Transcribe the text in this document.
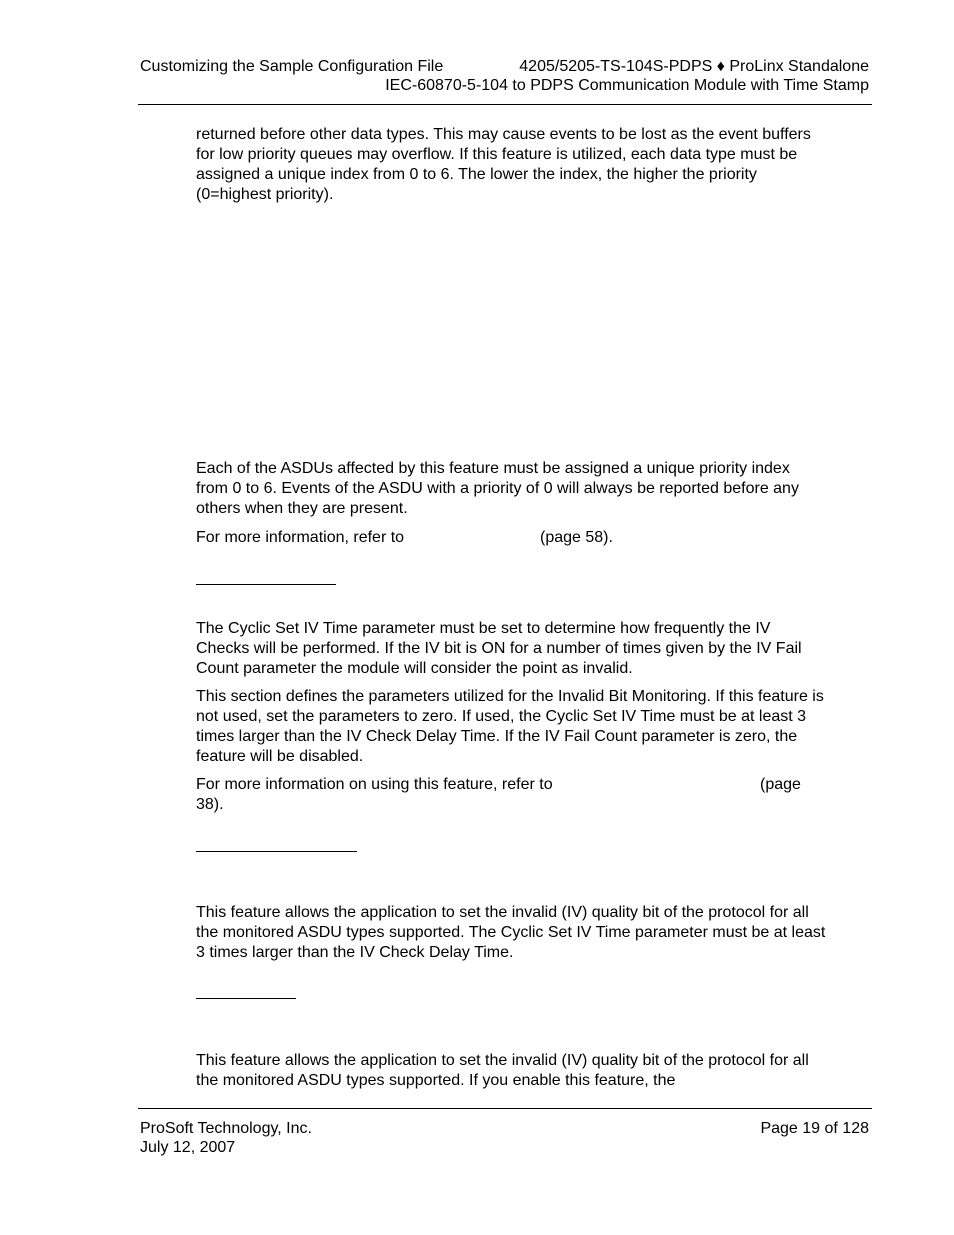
Customizing the Sample Configuration File	4205/5205-TS-104S-PDPS ♦ ProLinx Standalone
IEC-60870-5-104 to PDPS Communication Module with Time Stamp
returned before other data types. This may cause events to be lost as the event buffers for low priority queues may overflow. If this feature is utilized, each data type must be assigned a unique index from 0 to 6. The lower the index, the higher the priority (0=highest priority).
Each of the ASDUs affected by this feature must be assigned a unique priority index from 0 to 6. Events of the ASDU with a priority of 0 will always be reported before any others when they are present.
For more information, refer to	(page 58).
The Cyclic Set IV Time parameter must be set to determine how frequently the IV Checks will be performed. If the IV bit is ON for a number of times given by the IV Fail Count parameter the module will consider the point as invalid.
This section defines the parameters utilized for the Invalid Bit Monitoring. If this feature is not used, set the parameters to zero. If used, the Cyclic Set IV Time must be at least 3 times larger than the IV Check Delay Time. If the IV Fail Count parameter is zero, the feature will be disabled.
For more information on using this feature, refer to	(page
38).
This feature allows the application to set the invalid (IV) quality bit of the protocol for all the monitored ASDU types supported. The Cyclic Set IV Time parameter must be at least 3 times larger than the IV Check Delay Time.
This feature allows the application to set the invalid (IV) quality bit of the protocol for all the monitored ASDU types supported. If you enable this feature, the
ProSoft Technology, Inc.
July 12, 2007
Page 19 of 128
